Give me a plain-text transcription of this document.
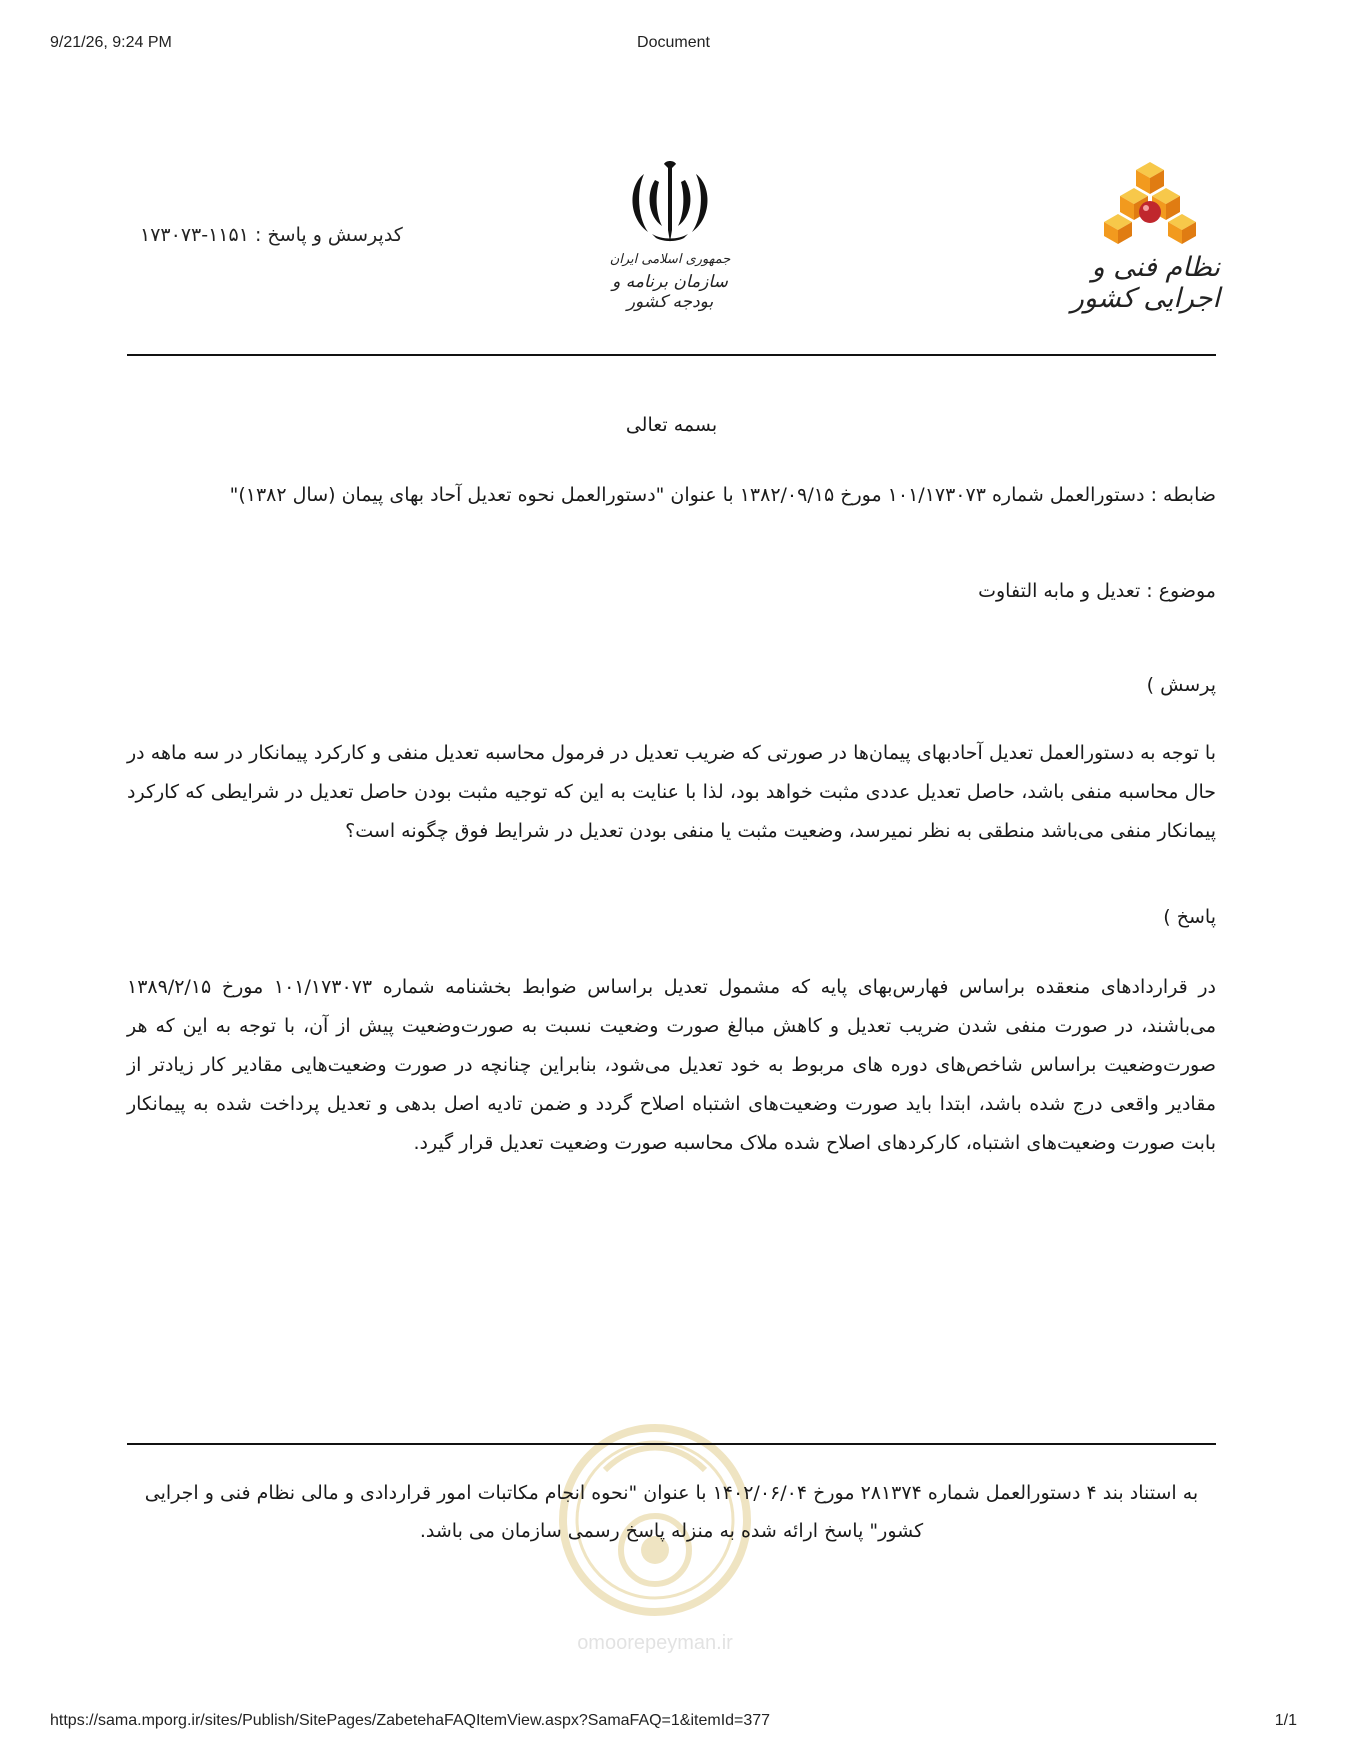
9/21/26, 9:24 PM	Document
نظام فنی و اجرایی کشور
جمهوری اسلامی ایران
سازمان برنامه و بودجه کشور
کدپرسش و پاسخ : ۱۱۵۱-۱۷۳۰۷۳
omoorepeyman.ir
بسمه تعالی
ضابطه : دستورالعمل شماره ۱۰۱/۱۷۳۰۷۳ مورخ ۱۳۸۲/۰۹/۱۵ با عنوان "دستورالعمل نحوه تعدیل آحاد بهای پیمان (سال ۱۳۸۲)"
موضوع : تعدیل و مابه التفاوت
پرسش )
با توجه به دستورالعمل تعدیل آحادبهای پیمان‌ها در صورتی که ضریب تعدیل در فرمول محاسبه تعدیل منفی و کارکرد پیمانکار در سه ماهه در حال محاسبه منفی باشد، حاصل تعدیل عددی مثبت خواهد بود، لذا با عنایت به این که توجیه مثبت بودن حاصل تعدیل در شرایطی که کارکرد پیمانکار منفی می‌باشد منطقی به نظر نمیرسد، وضعیت مثبت یا منفی بودن تعدیل در شرایط فوق چگونه است؟
پاسخ )
در قراردادهای منعقده براساس فهارس‌بهای پایه که مشمول تعدیل براساس ضوابط بخشنامه شماره ۱۰۱/۱۷۳۰۷۳ مورخ ۱۳۸۹/۲/۱۵ می‌باشند، در صورت منفی شدن ضریب تعدیل و کاهش مبالغ صورت وضعیت نسبت به صورت‌وضعیت پیش از آن، با توجه به این که هر صورت‌وضعیت براساس شاخص‌های دوره های مربوط به خود تعدیل می‌شود، بنابراین چنانچه در صورت وضعیت‌هایی مقادیر کار زیادتر از مقادیر واقعی درج شده باشد، ابتدا باید صورت وضعیت‌های اشتباه اصلاح گردد و ضمن تادیه اصل بدهی و تعدیل پرداخت شده به پیمانکار بابت صورت وضعیت‌های اشتباه، کارکردهای اصلاح شده ملاک محاسبه صورت وضعیت تعدیل قرار گیرد.
به استناد بند ۴ دستورالعمل شماره ۲۸۱۳۷۴ مورخ ۱۴۰۲/۰۶/۰۴ با عنوان "نحوه انجام مکاتبات امور قراردادی و مالی نظام فنی و اجرایی کشور" پاسخ ارائه شده به منزله پاسخ رسمی سازمان می باشد.
https://sama.mporg.ir/sites/Publish/SitePages/ZabetehaFAQItemView.aspx?SamaFAQ=1&itemId=377	1/1
